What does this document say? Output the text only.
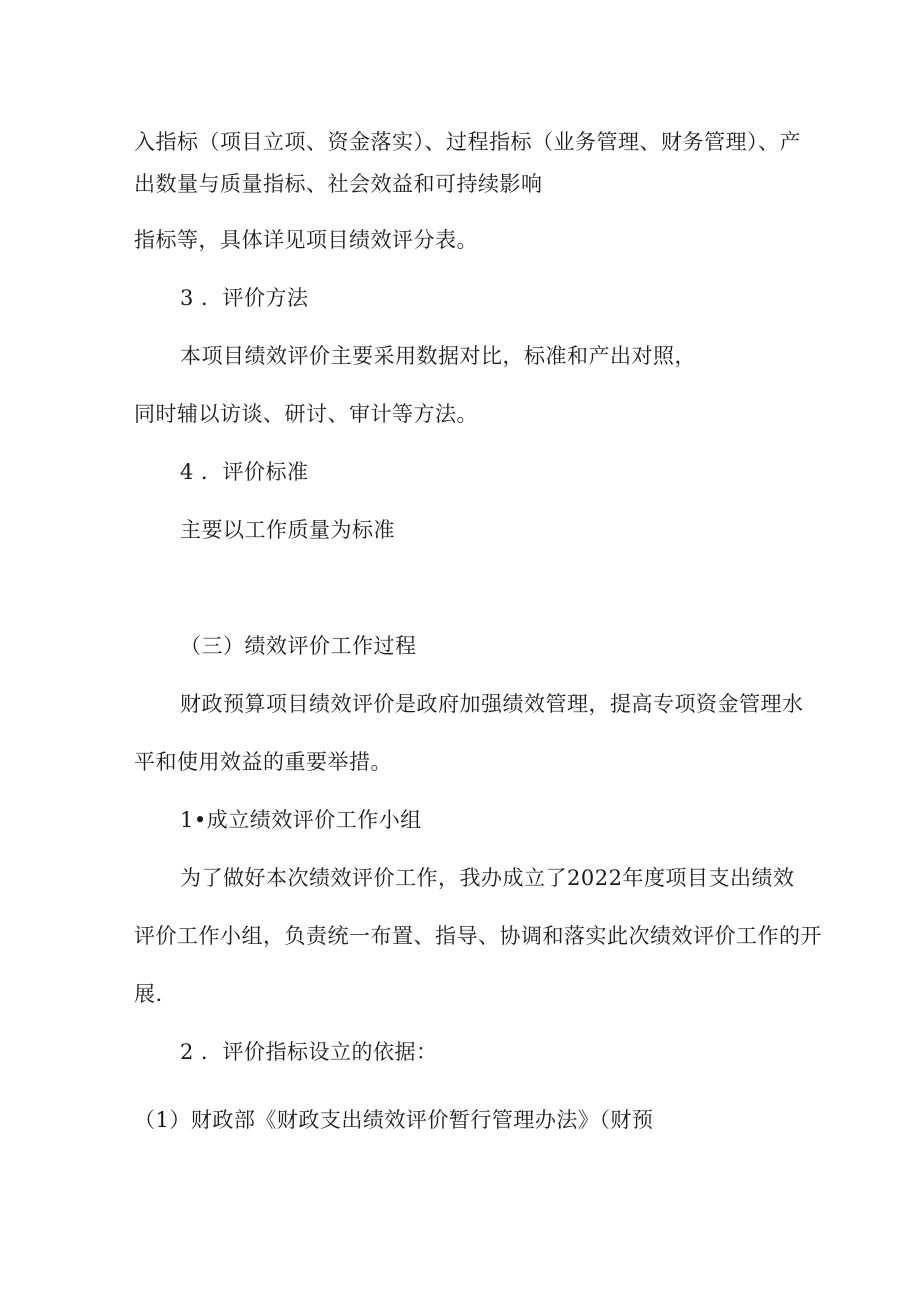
入指标（项目立项、资金落实）、过程指标（业务管理、财务管理）、产
出数量与质量指标、社会效益和可持续影响
指标等，具体详见项目绩效评分表。
3 ．评价方法
本项目绩效评价主要采用数据对比，标准和产出对照，
同时辅以访谈、研讨、审计等方法。
4 ．评价标准
主要以工作质量为标准
（三）绩效评价工作过程
财政预算项目绩效评价是政府加强绩效管理，提高专项资金管理水
平和使用效益的重要举措。
1•成立绩效评价工作小组
为了做好本次绩效评价工作，我办成立了2022年度项目支出绩效
评价工作小组，负责统一布置、指导、协调和落实此次绩效评价工作的开
展.
2 ．评价指标设立的依据：
（1）财政部《财政支出绩效评价暂行管理办法》（财预
